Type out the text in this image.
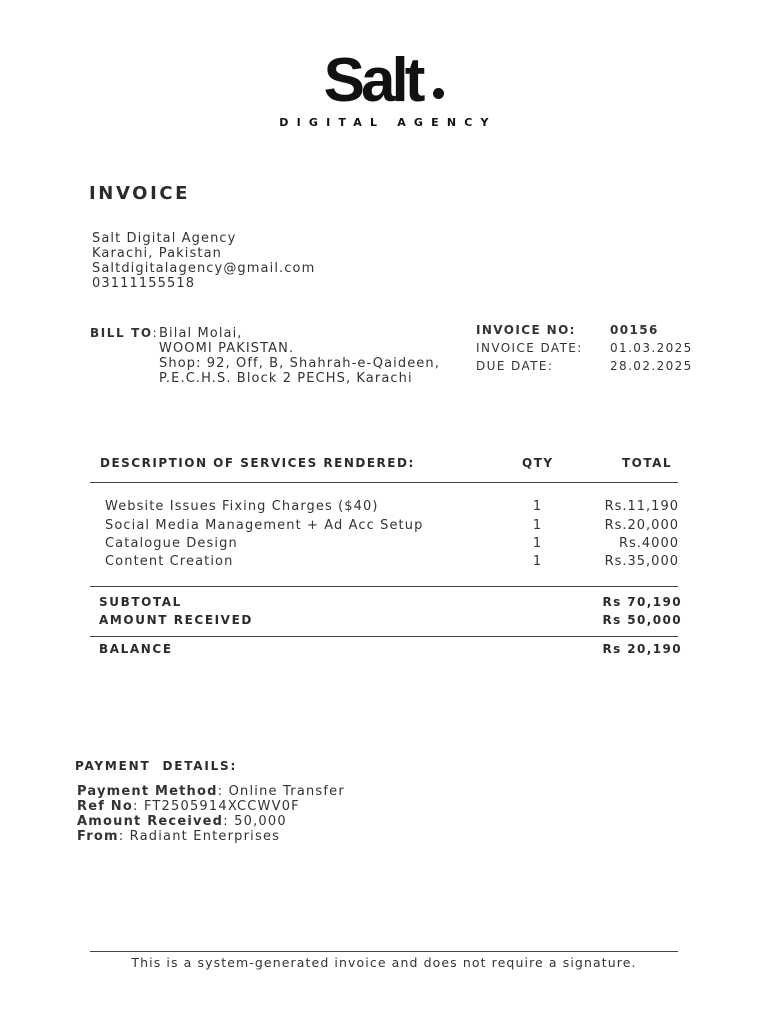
Salt
DIGITAL AGENCY
INVOICE
Salt Digital Agency
Karachi, Pakistan
Saltdigitalagency@gmail.com
03111155518
BILL TO: Bilal Molai,
WOOMI PAKISTAN.
Shop: 92, Off, B, Shahrah-e-Qaideen,
P.E.C.H.S. Block 2 PECHS, Karachi
INVOICE NO:	00156
INVOICE DATE: 01.03.2025
DUE DATE:	28.02.2025
DESCRIPTION OF SERVICES RENDERED:	QTY	TOTAL
Website Issues Fixing Charges ($40)	1	Rs.11,190
Social Media Management + Ad Acc Setup	1	Rs.20,000
Catalogue Design	1	Rs.4000
Content Creation	1	Rs.35,000
SUBTOTAL	Rs 70,190
AMOUNT RECEIVED	Rs 50,000
BALANCE	Rs 20,190
PAYMENT  DETAILS:
Payment Method: Online Transfer
Ref No: FT2505914XCCWV0F
Amount Received: 50,000
From: Radiant Enterprises
This is a system-generated invoice and does not require a signature.
